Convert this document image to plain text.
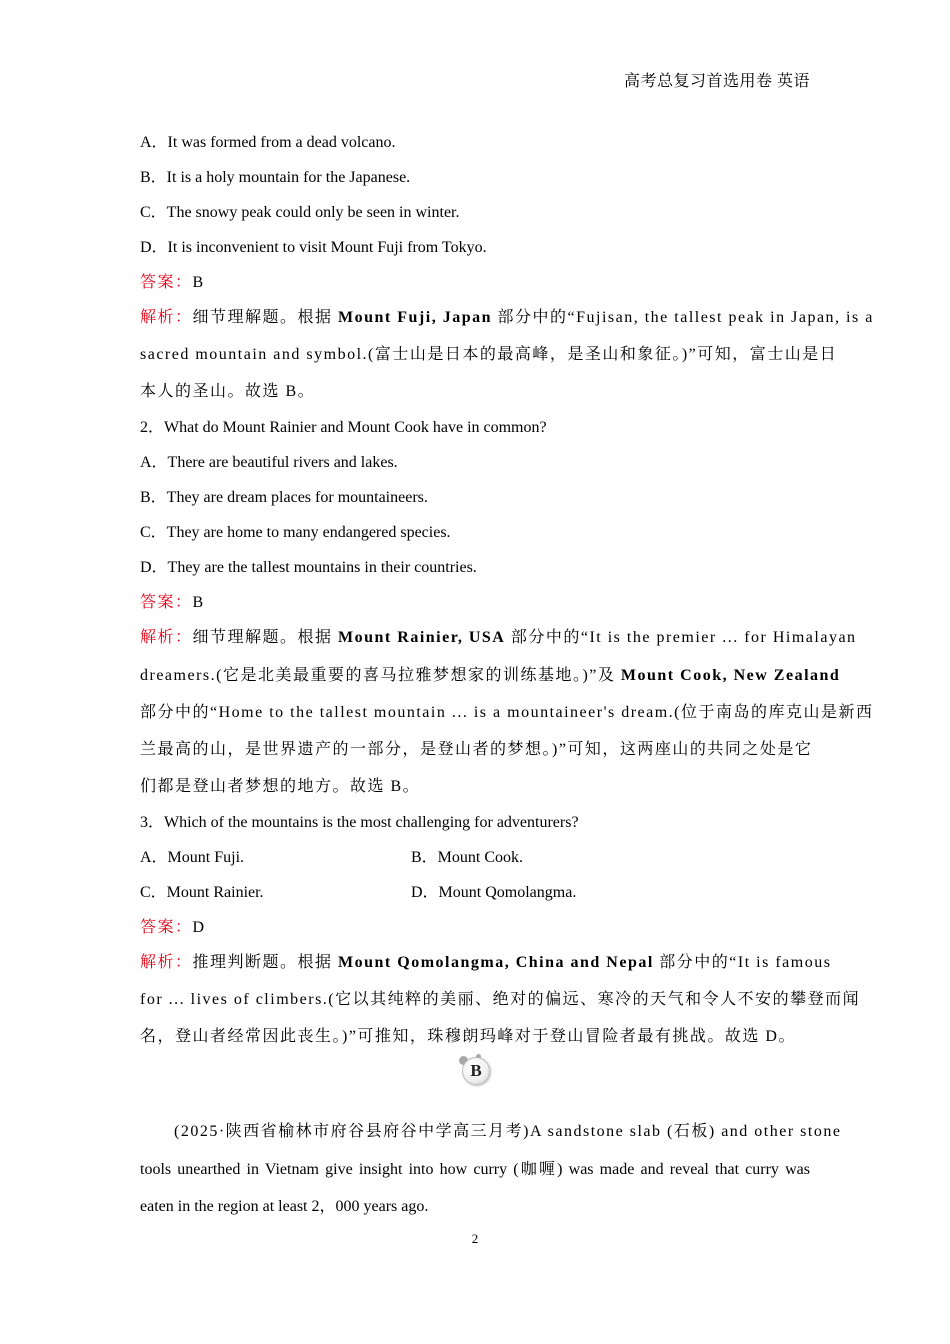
高考总复习首选用卷 英语
A．It was formed from a dead volcano.
B．It is a holy mountain for the Japanese.
C．The snowy peak could only be seen in winter.
D．It is inconvenient to visit Mount Fuji from Tokyo.
答案：B
解析：细节理解题。根据 Mount Fuji, Japan 部分中的“Fujisan, the tallest peak in Japan, is a
sacred mountain and symbol.(富士山是日本的最高峰，是圣山和象征。)”可知，富士山是日
本人的圣山。故选 B。
2．What do Mount Rainier and Mount Cook have in common?
A．There are beautiful rivers and lakes.
B．They are dream places for mountaineers.
C．They are home to many endangered species.
D．They are the tallest mountains in their countries.
答案：B
解析：细节理解题。根据 Mount Rainier, USA 部分中的“It is the premier ... for Himalayan
dreamers.(它是北美最重要的喜马拉雅梦想家的训练基地。)”及 Mount Cook, New Zealand
部分中的“Home to the tallest mountain ... is a mountaineer's dream.(位于南岛的库克山是新西
兰最高的山，是世界遗产的一部分，是登山者的梦想。)”可知，这两座山的共同之处是它
们都是登山者梦想的地方。故选 B。
3．Which of the mountains is the most challenging for adventurers?
A．Mount Fuji.	B．Mount Cook.
C．Mount Rainier.	D．Mount Qomolangma.
答案：D
解析：推理判断题。根据 Mount Qomolangma, China and Nepal 部分中的“It is famous
for ... lives of climbers.(它以其纯粹的美丽、绝对的偏远、寒冷的天气和令人不安的攀登而闻
名，登山者经常因此丧生。)”可推知，珠穆朗玛峰对于登山冒险者最有挑战。故选 D。
B
(2025·陕西省榆林市府谷县府谷中学高三月考)A sandstone slab (石板) and other stone
tools unearthed in Vietnam give insight into how curry (咖喱) was made and reveal that curry was
eaten in the region at least 2，000 years ago.
2
